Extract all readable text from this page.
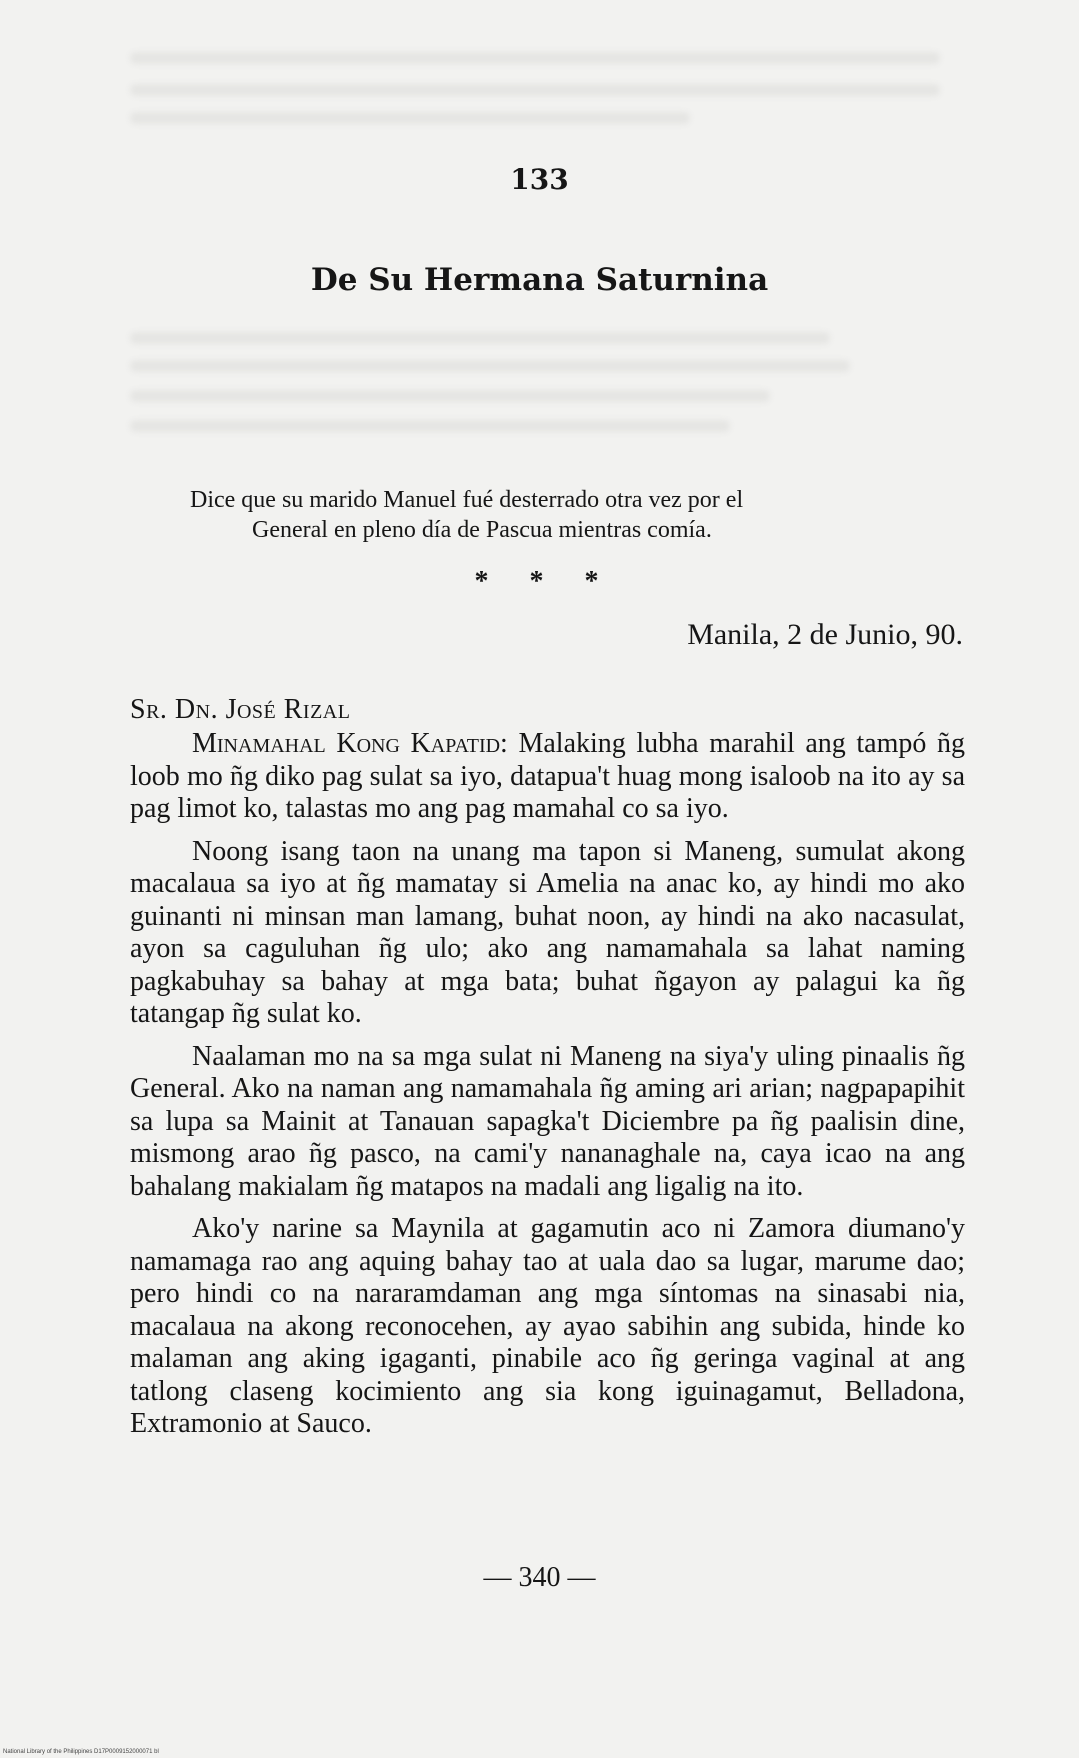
133
De Su Hermana Saturnina
Dice que su marido Manuel fué desterrado otra vez por el
General en pleno día de Pascua mientras comía.
* * *
Manila, 2 de Junio, 90.
Sr. Dn. José Rizal

Minamahal Kong Kapatid: Malaking lubha marahil ang tampó ñg loob mo ñg diko pag sulat sa iyo, datapua't huag mong isaloob na ito ay sa pag limot ko, talastas mo ang pag mamahal co sa iyo.

Noong isang taon na unang ma tapon si Maneng, sumulat akong macalaua sa iyo at ñg mamatay si Amelia na anac ko, ay hindi mo ako guinanti ni minsan man lamang, buhat noon, ay hindi na ako nacasulat, ayon sa caguluhan ñg ulo; ako ang namamahala sa lahat naming pagkabuhay sa bahay at mga bata; buhat ñgayon ay palagui ka ñg tatangap ñg sulat ko.

Naalaman mo na sa mga sulat ni Maneng na siya'y uling pinaalis ñg General. Ako na naman ang namamahala ñg aming ari arian; nagpapapihit sa lupa sa Mainit at Tanauan sapagka't Diciembre pa ñg paalisin dine, mismong arao ñg pasco, na cami'y nananaghale na, caya icao na ang bahalang makialam ñg matapos na madali ang ligalig na ito.

Ako'y narine sa Maynila at gagamutin aco ni Zamora diumano'y namamaga rao ang aquing bahay tao at uala dao sa lugar, marume dao; pero hindi co na nararamdaman ang mga síntomas na sinasabi nia, macalaua na akong reconocehen, ay ayao sabihin ang subida, hinde ko malaman ang aking igaganti, pinabile aco ñg geringa vaginal at ang tatlong claseng kocimiento ang sia kong iguinagamut, Belladona, Extramonio at Sauco.

— 340 —
National Library of the Philippines D17P0009152000071 bl
